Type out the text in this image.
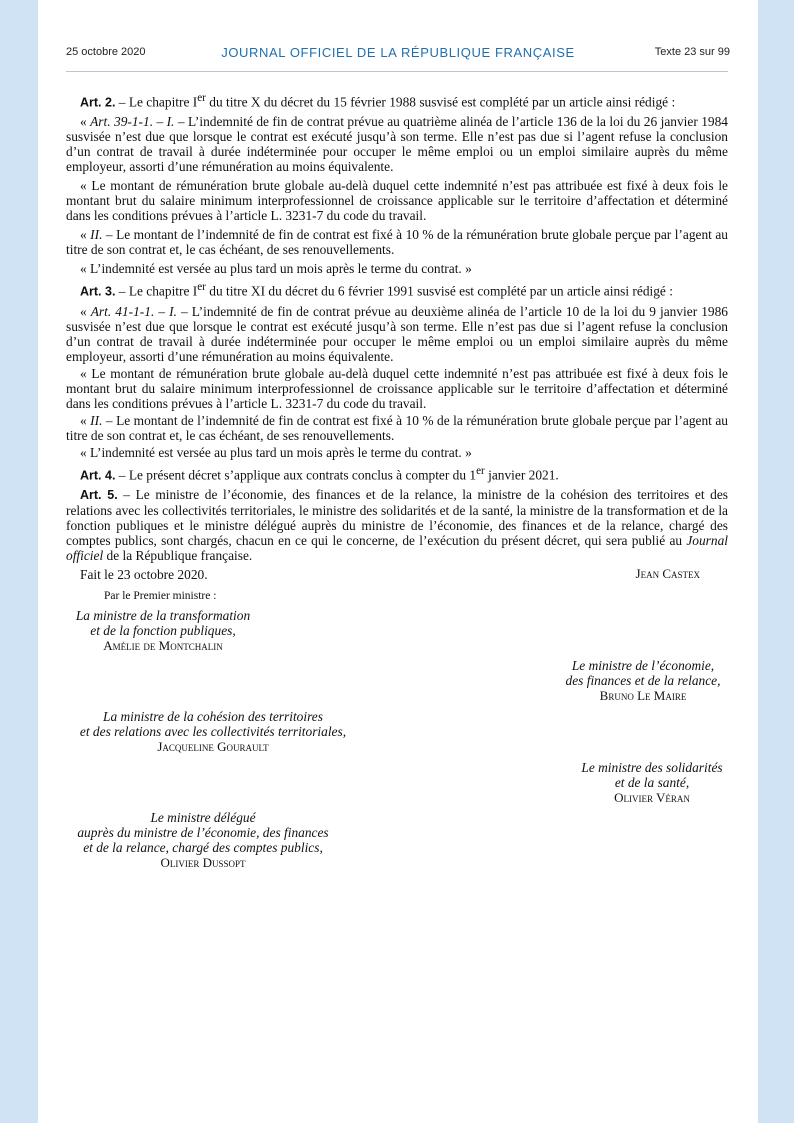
25 octobre 2020	JOURNAL OFFICIEL DE LA RÉPUBLIQUE FRANÇAISE	Texte 23 sur 99

Art. 2. – Le chapitre Ier du titre X du décret du 15 février 1988 susvisé est complété par un article ainsi rédigé :

« Art. 39-1-1. – I. – L’indemnité de fin de contrat prévue au quatrième alinéa de l’article 136 de la loi du 26 janvier 1984 susvisée n’est due que lorsque le contrat est exécuté jusqu’à son terme. Elle n’est pas due si l’agent refuse la conclusion d’un contrat de travail à durée indéterminée pour occuper le même emploi ou un emploi similaire auprès du même employeur, assorti d’une rémunération au moins équivalente.

« Le montant de rémunération brute globale au-delà duquel cette indemnité n’est pas attribuée est fixé à deux fois le montant brut du salaire minimum interprofessionnel de croissance applicable sur le territoire d’affectation et déterminé dans les conditions prévues à l’article L. 3231-7 du code du travail.

« II. – Le montant de l’indemnité de fin de contrat est fixé à 10 % de la rémunération brute globale perçue par l’agent au titre de son contrat et, le cas échéant, de ses renouvellements.

« L’indemnité est versée au plus tard un mois après le terme du contrat. »

Art. 3. – Le chapitre Ier du titre XI du décret du 6 février 1991 susvisé est complété par un article ainsi rédigé :

« Art. 41-1-1. – I. – L’indemnité de fin de contrat prévue au deuxième alinéa de l’article 10 de la loi du 9 janvier 1986 susvisée n’est due que lorsque le contrat est exécuté jusqu’à son terme. Elle n’est pas due si l’agent refuse la conclusion d’un contrat de travail à durée indéterminée pour occuper le même emploi ou un emploi similaire auprès du même employeur, assorti d’une rémunération au moins équivalente.

« Le montant de rémunération brute globale au-delà duquel cette indemnité n’est pas attribuée est fixé à deux fois le montant brut du salaire minimum interprofessionnel de croissance applicable sur le territoire d’affectation et déterminé dans les conditions prévues à l’article L. 3231-7 du code du travail.

« II. – Le montant de l’indemnité de fin de contrat est fixé à 10 % de la rémunération brute globale perçue par l’agent au titre de son contrat et, le cas échéant, de ses renouvellements.

« L’indemnité est versée au plus tard un mois après le terme du contrat. »

Art. 4. – Le présent décret s’applique aux contrats conclus à compter du 1er janvier 2021.

Art. 5. – Le ministre de l’économie, des finances et de la relance, la ministre de la cohésion des territoires et des relations avec les collectivités territoriales, le ministre des solidarités et de la santé, la ministre de la transformation et de la fonction publiques et le ministre délégué auprès du ministre de l’économie, des finances et de la relance, chargé des comptes publics, sont chargés, chacun en ce qui le concerne, de l’exécution du présent décret, qui sera publié au Journal officiel de la République française.

Fait le 23 octobre 2020.	Jean Castex
Par le Premier ministre :
La ministre de la transformation
et de la fonction publiques,
Amélie de Montchalin
Le ministre de l’économie,
des finances et de la relance,
Bruno Le Maire
La ministre de la cohésion des territoires
et des relations avec les collectivités territoriales,
Jacqueline Gourault
Le ministre des solidarités
et de la santé,
Olivier Véran
Le ministre délégué
auprès du ministre de l’économie, des finances
et de la relance, chargé des comptes publics,
Olivier Dussopt
